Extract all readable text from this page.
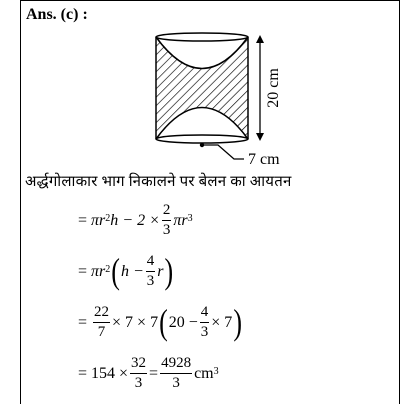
Ans. (c) :
20 cm
7 cm
अर्द्धगोलाकार भाग निकालने पर बेलन का आयतन
= $\pi r^2$ $h - 2 \times \frac{2}{3} \pi r^3$
= $\pi r^2$ ( $h - \frac{4}{3}$ r )
= $\frac{22}{7} \times 7 \times 7$ ( $20 - \frac{4}{3} \times 7$ )
= $154 \times \frac{32}{3} = \frac{4928}{3} cm^3$
